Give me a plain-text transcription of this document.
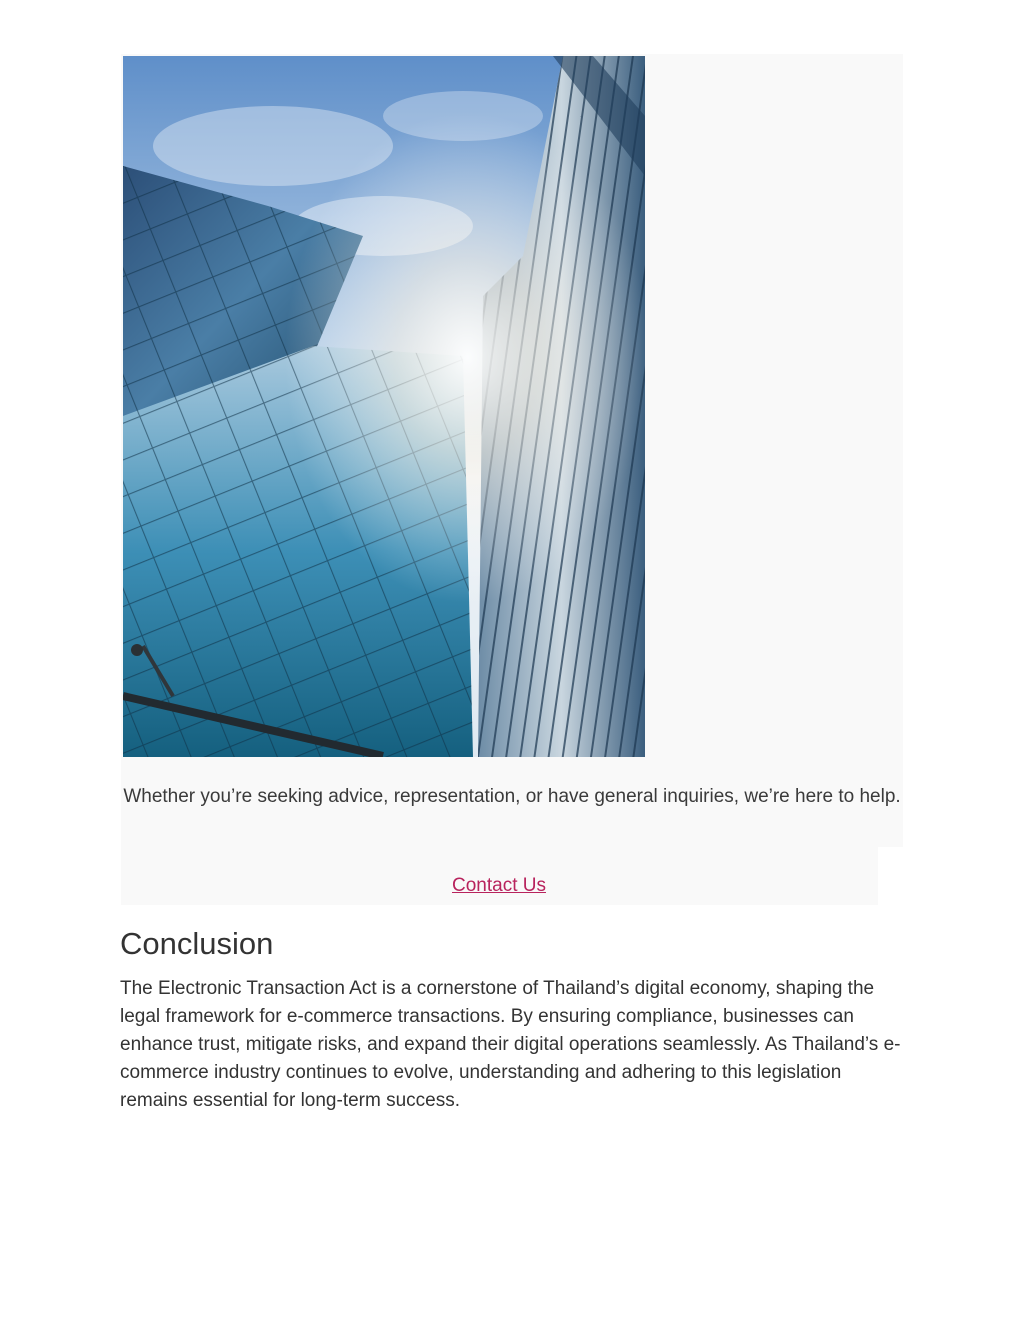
Whether you’re seeking advice, representation, or have general inquiries, we’re here to help.

Contact Us
Conclusion

The Electronic Transaction Act is a cornerstone of Thailand’s digital economy, shaping the legal framework for e-commerce transactions. By ensuring compliance, businesses can enhance trust, mitigate risks, and expand their digital operations seamlessly. As Thailand’s e-commerce industry continues to evolve, understanding and adhering to this legislation remains essential for long-term success.
